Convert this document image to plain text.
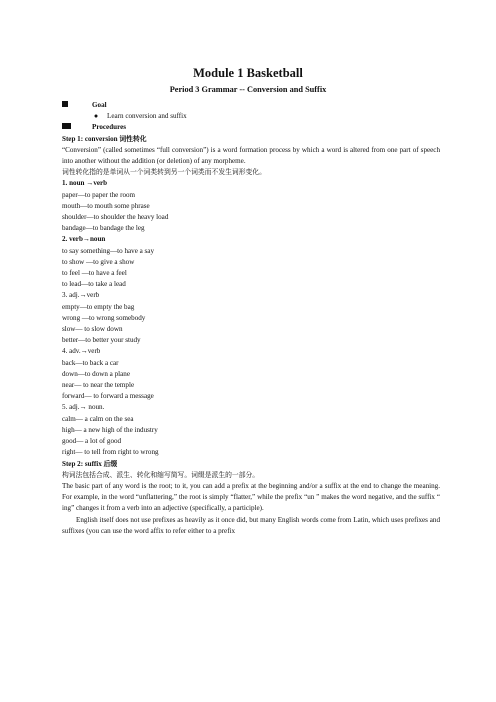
Module 1 Basketball
Period 3 Grammar -- Conversion and Suffix
Goal
● Learn conversion and suffix
Procedures
Step 1: conversion 词性转化
“Conversion” (called sometimes “full conversion”) is a word formation process by which a word is altered from one part of speech into another without the addition (or deletion) of any morpheme.
词性转化指的是单词从一个词类转到另一个词类而不发生词形变化。
1. noun →verb
paper—to paper the room
mouth—to mouth some phrase
shoulder—to shoulder the heavy load
bandage—to bandage the leg
2. verb→noun
to say something—to have a say
to show —to give a show
to feel —to have a feel
to lead—to take a lead
3. adj.→verb
empty—to empty the bag
wrong —to wrong somebody
slow— to slow down
better—to better your study
4. adv.→verb
back—to back a car
down—to down a plane
near— to near the temple
forward— to forward a message
5. adj.→ noun.
calm— a calm on the sea
high— a new high of the industry
good— a lot of good
right— to tell from right to wrong
Step 2: suffix 后缀
构词法包括合成、派生、转化和缩写简写。词缀是派生的一部分。
The basic part of any word is the root; to it, you can add a prefix at the beginning and/or a suffix at the end to change the meaning. For example, in the word “unflattering,” the root is simply “flatter,” while the prefix “un ” makes the word negative, and the suffix “ ing” changes it from a verb into an adjective (specifically, a participle).
English itself does not use prefixes as heavily as it once did, but many English words come from Latin, which uses prefixes and suffixes (you can use the word affix to refer either to a prefix
